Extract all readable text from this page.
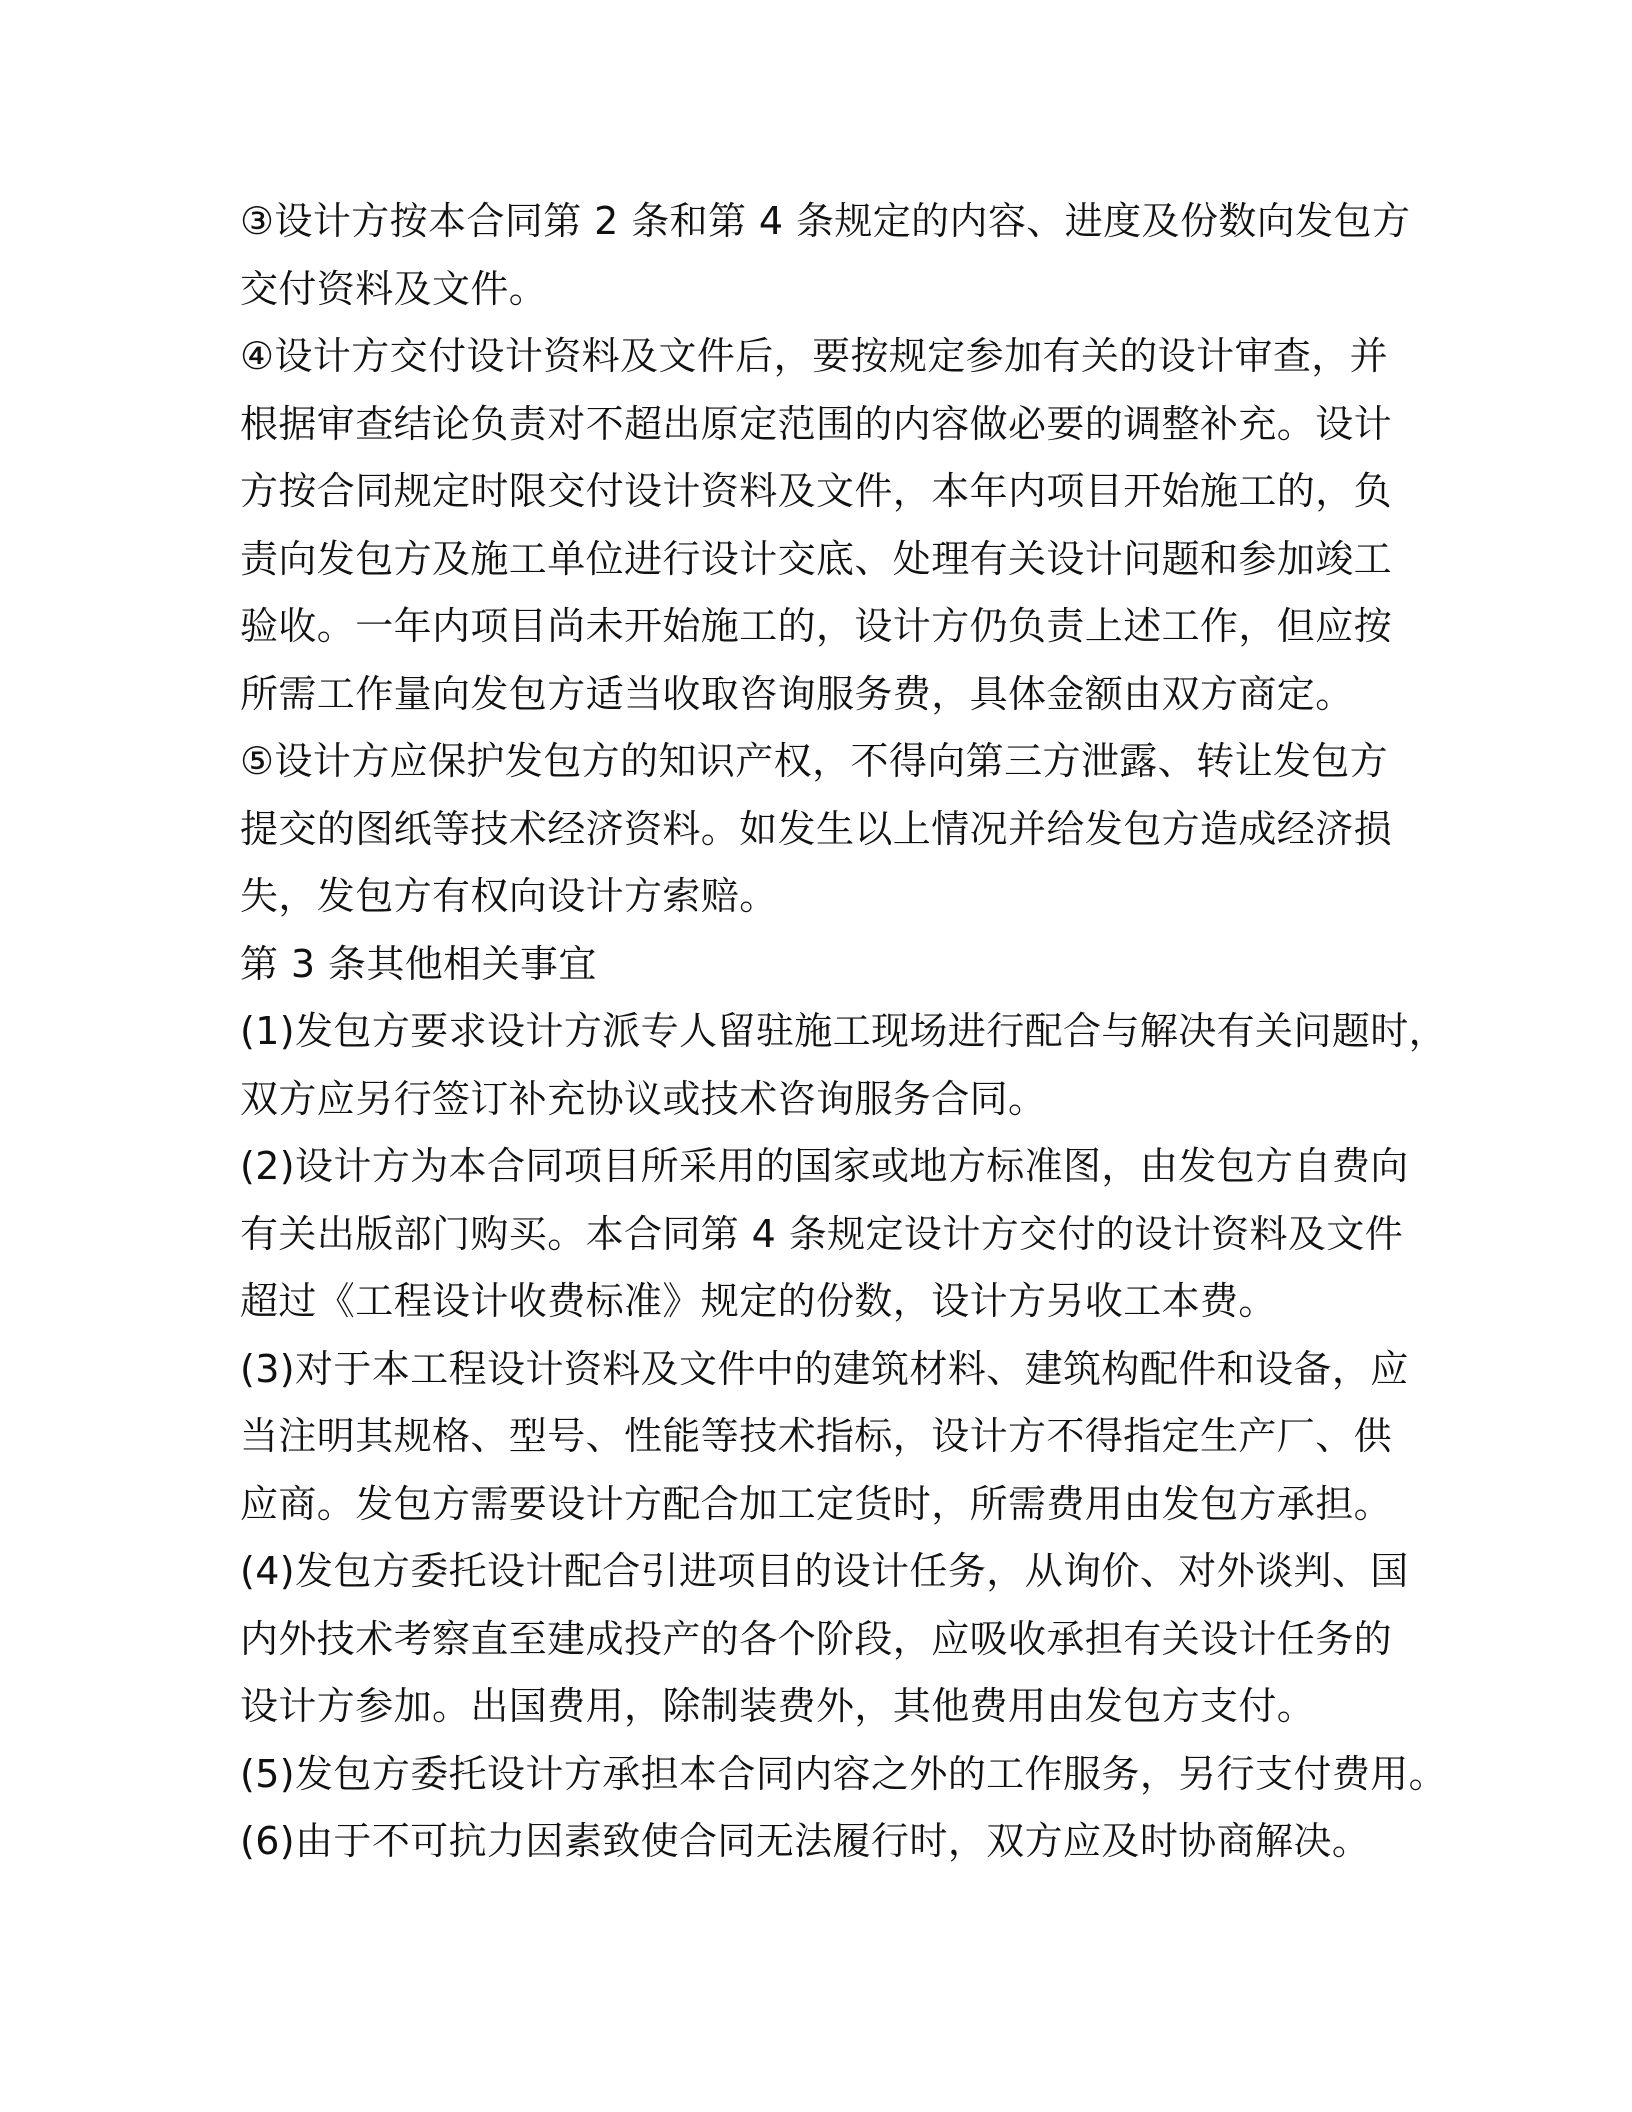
③设计方按本合同第 2 条和第 4 条规定的内容、进度及份数向发包方
交付资料及文件。
④设计方交付设计资料及文件后，要按规定参加有关的设计审查，并
根据审查结论负责对不超出原定范围的内容做必要的调整补充。设计
方按合同规定时限交付设计资料及文件，本年内项目开始施工的，负
责向发包方及施工单位进行设计交底、处理有关设计问题和参加竣工
验收。一年内项目尚未开始施工的，设计方仍负责上述工作，但应按
所需工作量向发包方适当收取咨询服务费，具体金额由双方商定。
⑤设计方应保护发包方的知识产权，不得向第三方泄露、转让发包方
提交的图纸等技术经济资料。如发生以上情况并给发包方造成经济损
失，发包方有权向设计方索赔。
第 3 条其他相关事宜
(1)发包方要求设计方派专人留驻施工现场进行配合与解决有关问题时，
双方应另行签订补充协议或技术咨询服务合同。
(2)设计方为本合同项目所采用的国家或地方标准图，由发包方自费向
有关出版部门购买。本合同第 4 条规定设计方交付的设计资料及文件
超过《工程设计收费标准》规定的份数，设计方另收工本费。
(3)对于本工程设计资料及文件中的建筑材料、建筑构配件和设备，应
当注明其规格、型号、性能等技术指标，设计方不得指定生产厂、供
应商。发包方需要设计方配合加工定货时，所需费用由发包方承担。
(4)发包方委托设计配合引进项目的设计任务，从询价、对外谈判、国
内外技术考察直至建成投产的各个阶段，应吸收承担有关设计任务的
设计方参加。出国费用，除制装费外，其他费用由发包方支付。
(5)发包方委托设计方承担本合同内容之外的工作服务，另行支付费用。
(6)由于不可抗力因素致使合同无法履行时，双方应及时协商解决。
